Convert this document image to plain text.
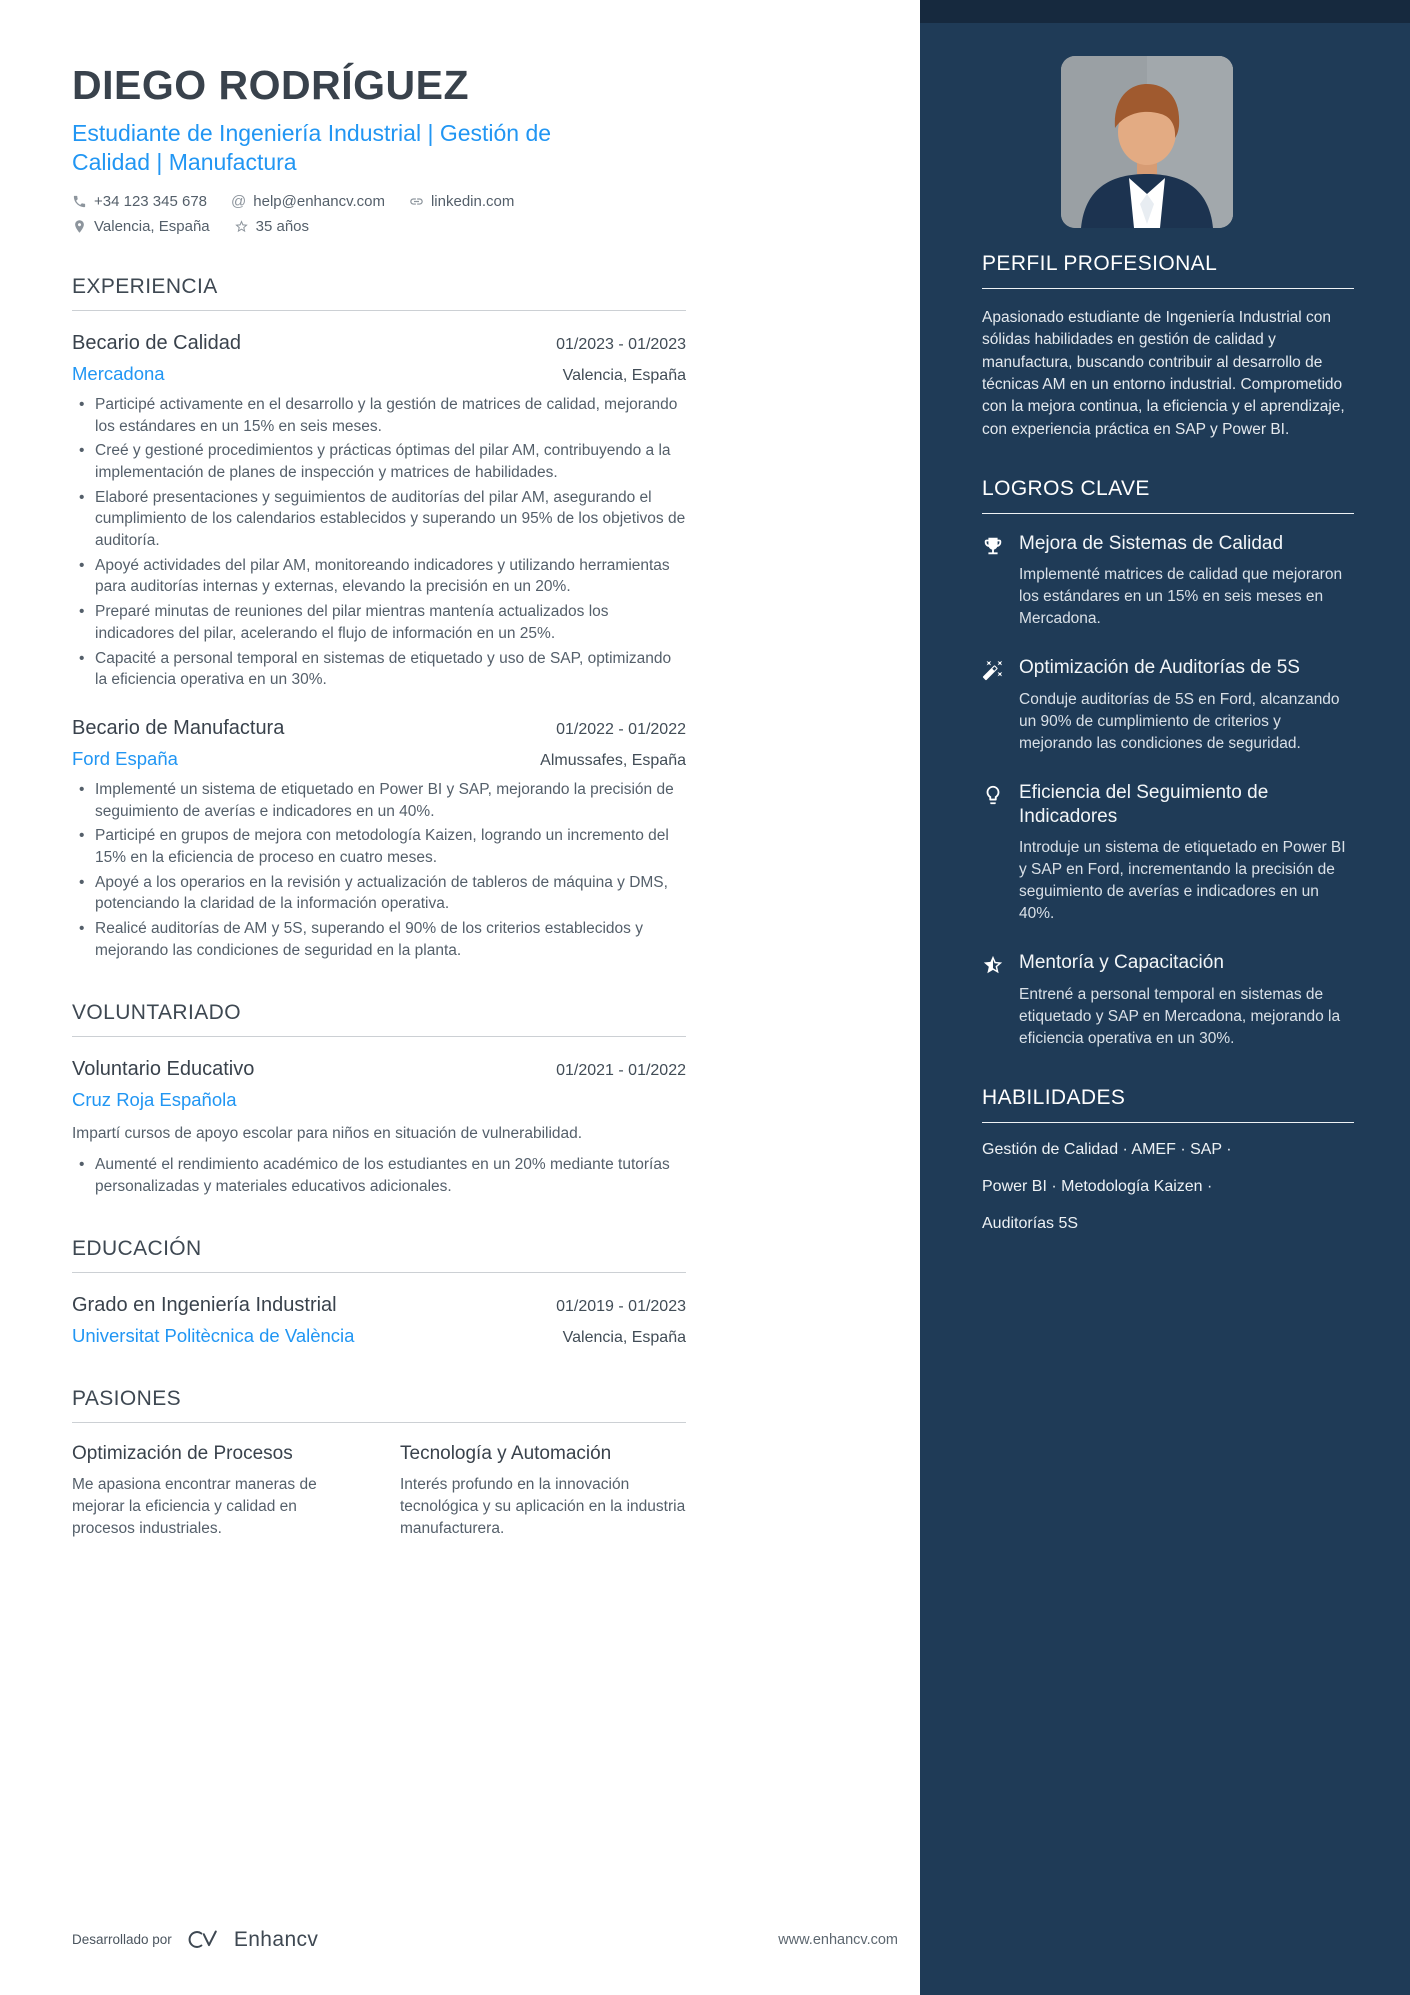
DIEGO RODRÍGUEZ
Estudiante de Ingeniería Industrial | Gestión de Calidad | Manufactura
+34 123 345 678 @ help@enhancv.com	linkedin.com
Valencia, España	35 años
EXPERIENCIA
Becario de Calidad	01/2023 - 01/2023
Mercadona	Valencia, España
• Participé activamente en el desarrollo y la gestión de matrices de calidad, mejorando los estándares en un 15% en seis meses.
• Creé y gestioné procedimientos y prácticas óptimas del pilar AM, contribuyendo a la implementación de planes de inspección y matrices de habilidades.
• Elaboré presentaciones y seguimientos de auditorías del pilar AM, asegurando el cumplimiento de los calendarios establecidos y superando un 95% de los objetivos de auditoría.
• Apoyé actividades del pilar AM, monitoreando indicadores y utilizando herramientas para auditorías internas y externas, elevando la precisión en un 20%.
• Preparé minutas de reuniones del pilar mientras mantenía actualizados los indicadores del pilar, acelerando el flujo de información en un 25%.
• Capacité a personal temporal en sistemas de etiquetado y uso de SAP, optimizando la eficiencia operativa en un 30%.
Becario de Manufactura	01/2022 - 01/2022
Ford España	Almussafes, España
• Implementé un sistema de etiquetado en Power BI y SAP, mejorando la precisión de seguimiento de averías e indicadores en un 40%.
• Participé en grupos de mejora con metodología Kaizen, logrando un incremento del 15% en la eficiencia de proceso en cuatro meses.
• Apoyé a los operarios en la revisión y actualización de tableros de máquina y DMS, potenciando la claridad de la información operativa.
• Realicé auditorías de AM y 5S, superando el 90% de los criterios establecidos y mejorando las condiciones de seguridad en la planta.
VOLUNTARIADO
Voluntario Educativo	01/2021 - 01/2022
Cruz Roja Española

Impartí cursos de apoyo escolar para niños en situación de vulnerabilidad.

• Aumenté el rendimiento académico de los estudiantes en un 20% mediante tutorías personalizadas y materiales educativos adicionales.
EDUCACIÓN
Grado en Ingeniería Industrial	01/2019 - 01/2023
Universitat Politècnica de València	Valencia, España
PASIONES
Optimización de Procesos

Me apasiona encontrar maneras de mejorar la eficiencia y calidad en procesos industriales.

Tecnología y Automación

Interés profundo en la innovación tecnológica y su aplicación en la industria manufacturera.

PERFIL PROFESIONAL

Apasionado estudiante de Ingeniería Industrial con sólidas habilidades en gestión de calidad y manufactura, buscando contribuir al desarrollo de técnicas AM en un entorno industrial. Comprometido con la mejora continua, la eficiencia y el aprendizaje, con experiencia práctica en SAP y Power BI.

LOGROS CLAVE
Mejora de Sistemas de Calidad

Implementé matrices de calidad que mejoraron los estándares en un 15% en seis meses en Mercadona.

Optimización de Auditorías de 5S

Conduje auditorías de 5S en Ford, alcanzando un 90% de cumplimiento de criterios y mejorando las condiciones de seguridad.

Eficiencia del Seguimiento de Indicadores

Introduje un sistema de etiquetado en Power BI y SAP en Ford, incrementando la precisión de seguimiento de averías e indicadores en un 40%.

Mentoría y Capacitación

Entrené a personal temporal en sistemas de etiquetado y SAP en Mercadona, mejorando la eficiencia operativa en un 30%.

HABILIDADES
Gestión de Calidad · AMEF · SAP ·
Power BI · Metodología Kaizen ·
Auditorías 5S
Desarrollado por	Enhancv	www.enhancv.com
